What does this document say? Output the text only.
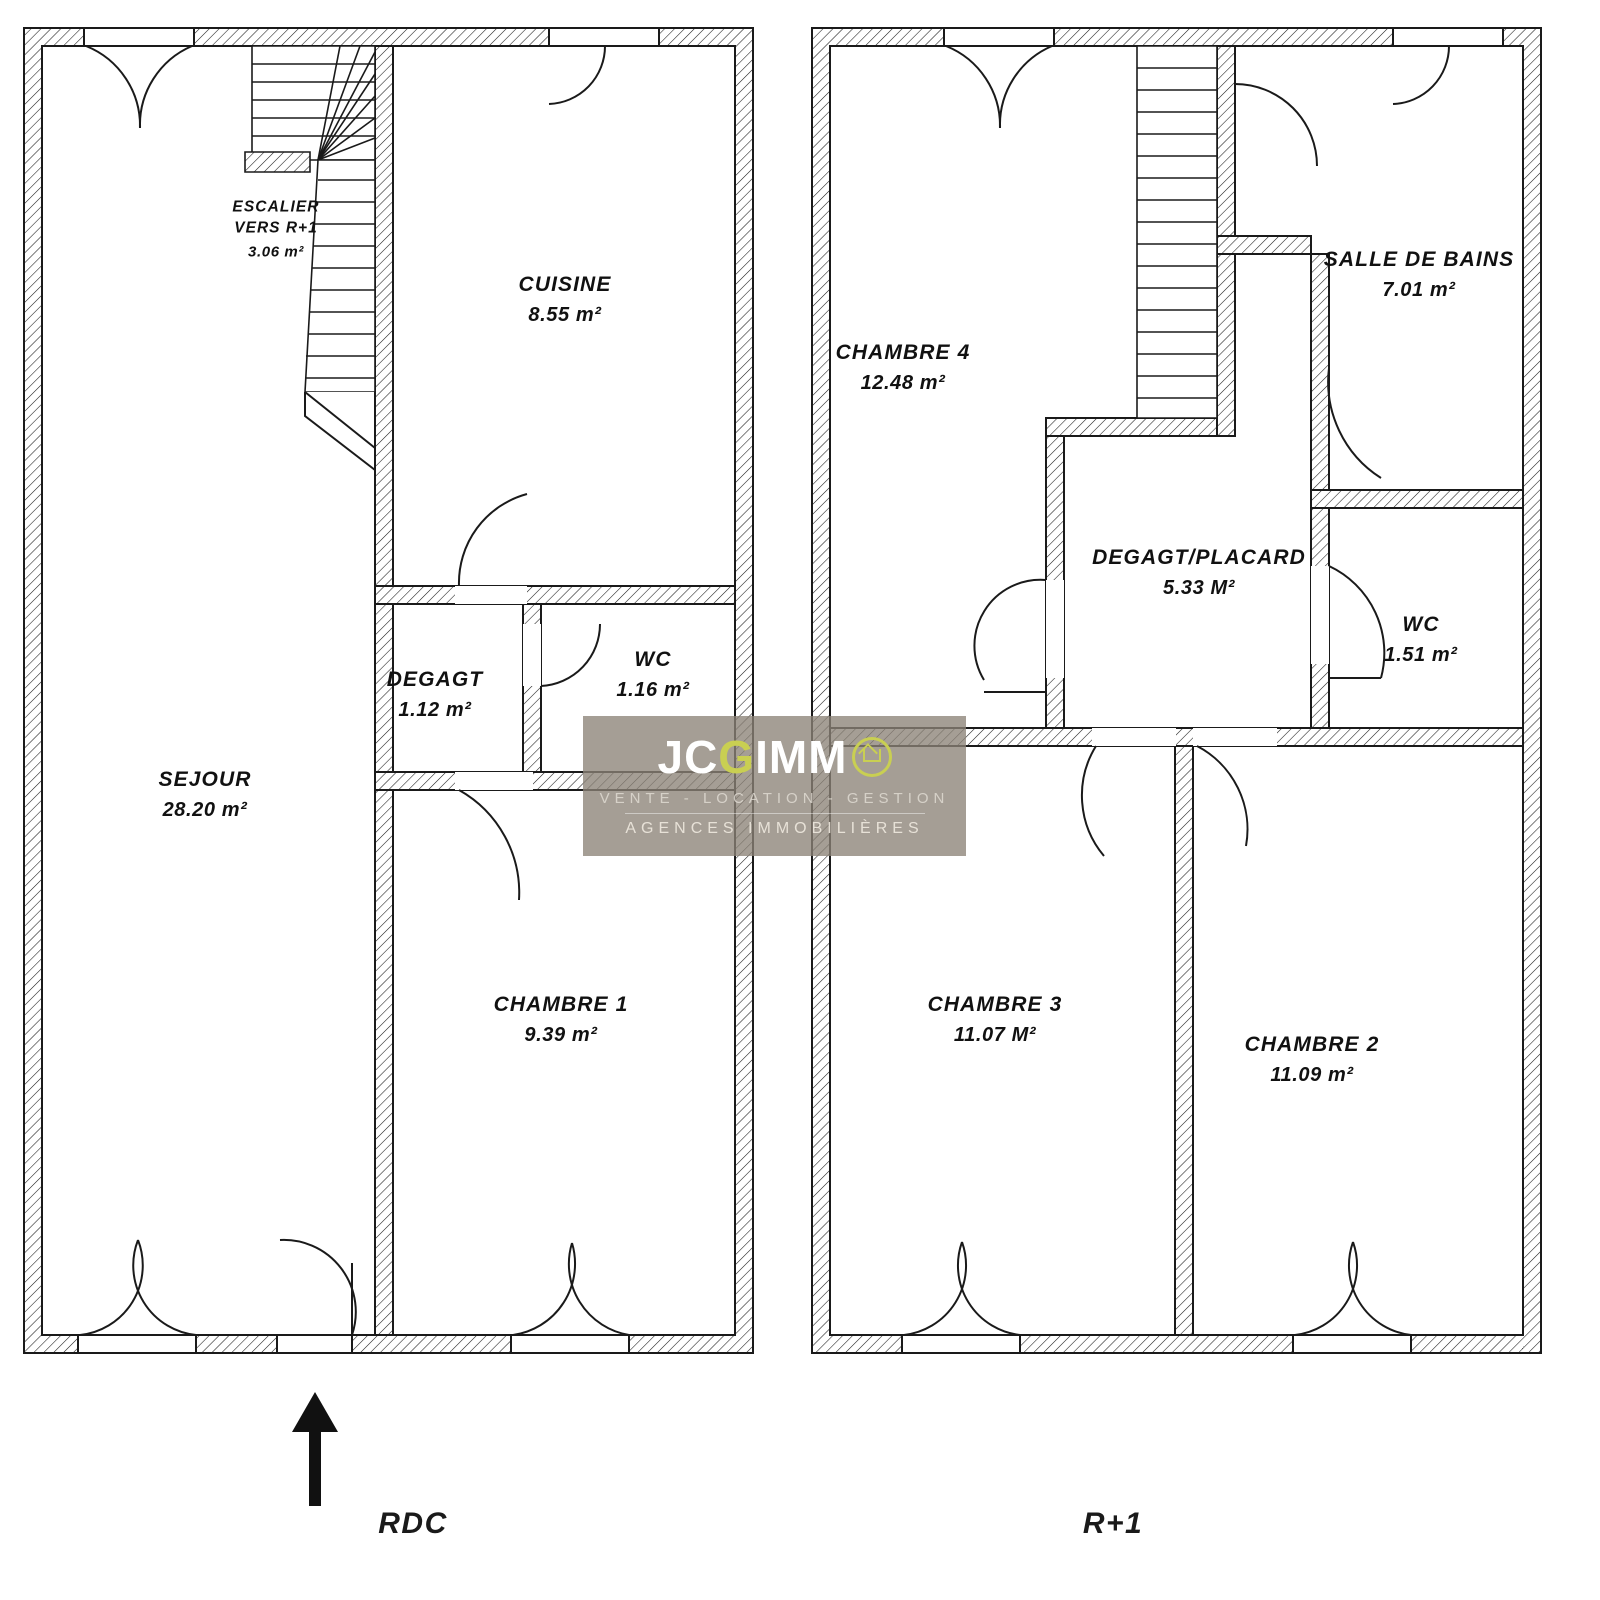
ESCALIER
VERS R+1
3.06 m²
CUISINE
8.55 m²
SEJOUR
28.20 m²
DEGAGT
1.12 m²
WC
1.16 m²
CHAMBRE 1
9.39 m²
RDC
CHAMBRE 4
12.48 m²
SALLE DE BAINS
7.01 m²
DEGAGT/PLACARD
5.33 M²
WC
1.51 m²
CHAMBRE 3
11.07 M²	CHAMBRE 2
11.09 m²
R+1
JC G IMM
VENTE - LOCATION - GESTION
AGENCES IMMOBILIÈRES
